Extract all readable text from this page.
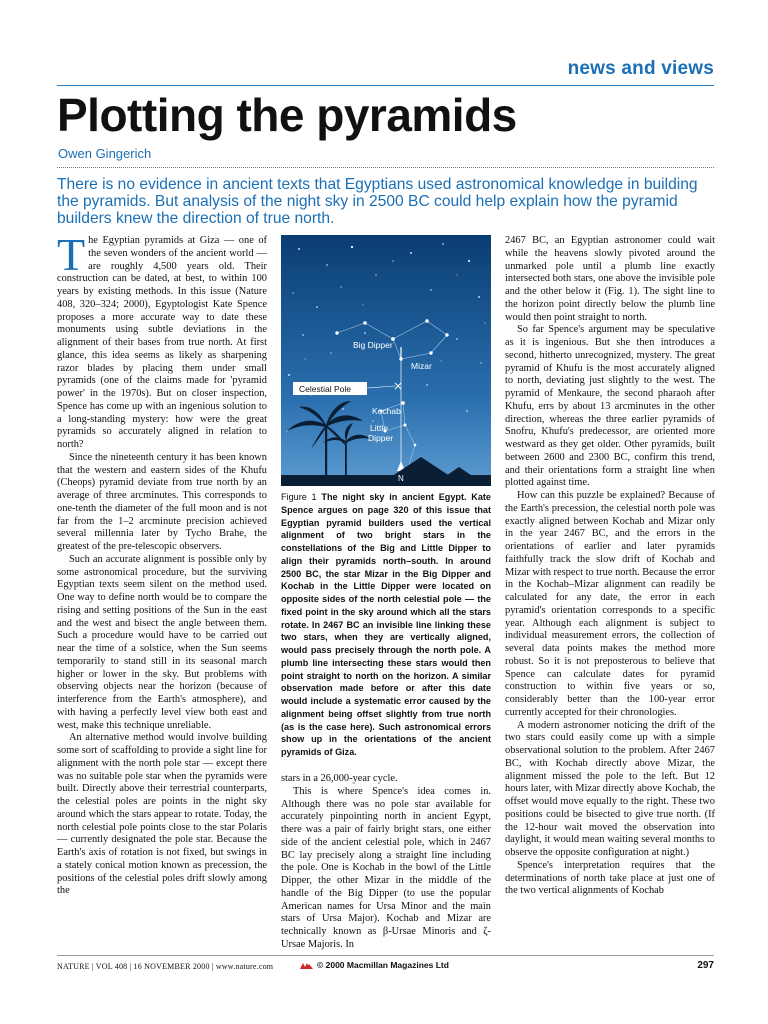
news and views
Plotting the pyramids
Owen Gingerich
There is no evidence in ancient texts that Egyptians used astronomical knowledge in building the pyramids. But analysis of the night sky in 2500 BC could help explain how the pyramid builders knew the direction of true north.
T he Egyptian pyramids at Giza — one of the seven wonders of the ancient world — are roughly 4,500 years old. Their construction can be dated, at best, to within 100 years by existing methods. In this issue (Nature 408, 320–324; 2000), Egyptologist Kate Spence proposes a more accurate way to date these monuments using subtle deviations in the alignment of their bases from true north. At first glance, this idea seems as likely as sharpening razor blades by placing them under small pyramids (one of the claims made for 'pyramid power' in the 1970s). But on closer inspection, Spence has come up with an ingenious solution to a long-standing mystery: how were the great pyramids so accurately aligned in relation to north?

Since the nineteenth century it has been known that the western and eastern sides of the Khufu (Cheops) pyramid deviate from true north by an average of three arcminutes. This corresponds to one-tenth the diameter of the full moon and is not far from the 1–2 arcminute precision achieved several millennia later by Tycho Brahe, the greatest of the pre-telescopic observers.

Such an accurate alignment is possible only by some astronomical procedure, but the surviving Egyptian texts seem silent on the method used. One way to define north would be to compare the rising and setting positions of the Sun in the east and the west and bisect the angle between them. Such a procedure would have to be carried out near the time of a solstice, when the Sun seems temporarily to stand still in its seasonal march higher or lower in the sky. But problems with observing objects near the horizon (because of interference from the Earth's atmosphere), and with having a perfectly level view both east and west, make this technique unreliable.

An alternative method would involve building some sort of scaffolding to provide a sight line for alignment with the north pole star — except there was no suitable pole star when the pyramids were built. Directly above their terrestrial counterparts, the celestial poles are points in the night sky around which the stars appear to rotate. Today, the north celestial pole points close to the star Polaris — currently designated the pole star. Because the Earth's axis of rotation is not fixed, but swings in a stately conical motion known as precession, the positions of the celestial poles drift slowly among the

Big Dipper
Mizar
Celestial Pole
Kochab
Little
Dipper
N
Figure 1 The night sky in ancient Egypt. Kate Spence argues on page 320 of this issue that Egyptian pyramid builders used the vertical alignment of two bright stars in the constellations of the Big and Little Dipper to align their pyramids north–south. In around 2500 BC, the star Mizar in the Big Dipper and Kochab in the Little Dipper were located on opposite sides of the north celestial pole — the fixed point in the sky around which all the stars rotate. In 2467 BC an invisible line linking these two stars, when they are vertically aligned, would pass precisely through the north pole. A plumb line intersecting these stars would then point straight to north on the horizon. A similar observation made before or after this date would include a systematic error caused by the alignment being offset slightly from true north (as is the case here). Such astronomical errors show up in the orientations of the ancient pyramids of Giza.

stars in a 26,000-year cycle.

This is where Spence's idea comes in. Although there was no pole star available for accurately pinpointing north in ancient Egypt, there was a pair of fairly bright stars, one either side of the ancient celestial pole, which in 2467 BC lay precisely along a straight line including the pole. One is Kochab in the bowl of the Little Dipper, the other Mizar in the middle of the handle of the Big Dipper (to use the popular American names for Ursa Minor and the main stars of Ursa Major). Kochab and Mizar are technically known as β-Ursae Minoris and ζ-Ursae Majoris. In

2467 BC, an Egyptian astronomer could wait while the heavens slowly pivoted around the unmarked pole until a plumb line exactly intersected both stars, one above the invisible pole and the other below it (Fig. 1). The sight line to the horizon point directly below the plumb line would then point straight to north.

So far Spence's argument may be speculative as it is ingenious. But she then introduces a second, hitherto unrecognized, mystery. The great pyramid of Khufu is the most accurately aligned to north, deviating just slightly to the west. The pyramid of Menkaure, the second pharaoh after Khufu, errs by about 13 arcminutes in the other direction, whereas the three earlier pyramids of Snofru, Khufu's predecessor, are oriented more westward as they get older. Other pyramids, built between 2600 and 2300 BC, confirm this trend, and their orientations form a straight line when plotted against time.

How can this puzzle be explained? Because of the Earth's precession, the celestial north pole was exactly aligned between Kochab and Mizar only in the year 2467 BC, and the errors in the orientations of earlier and later pyramids faithfully track the slow drift of Kochab and Mizar with respect to true north. Because the error in the Kochab–Mizar alignment can readily be calculated for any date, the error in each pyramid's orientation corresponds to a specific year. Although each alignment is subject to individual measurement errors, the collection of several data points makes the method more robust. So it is not preposterous to believe that Spence can calculate dates for pyramid construction to within five years or so, considerably better than the 100-year error currently accepted for their chronologies.

A modern astronomer noticing the drift of the two stars could easily come up with a simple observational solution to the problem. After 2467 BC, with Kochab directly above Mizar, the alignment missed the pole to the left. But 12 hours later, with Mizar directly above Kochab, the offset would move equally to the right. These two positions could be bisected to give true north. (If the 12-hour wait moved the observation into daylight, it would mean waiting several months to observe the opposite configuration at night.)

Spence's interpretation requires that the determinations of north take place at just one of the two vertical alignments of Kochab

NATURE | VOL 408 | 16 NOVEMBER 2000 | www.nature.com	© 2000 Macmillan Magazines Ltd	297
